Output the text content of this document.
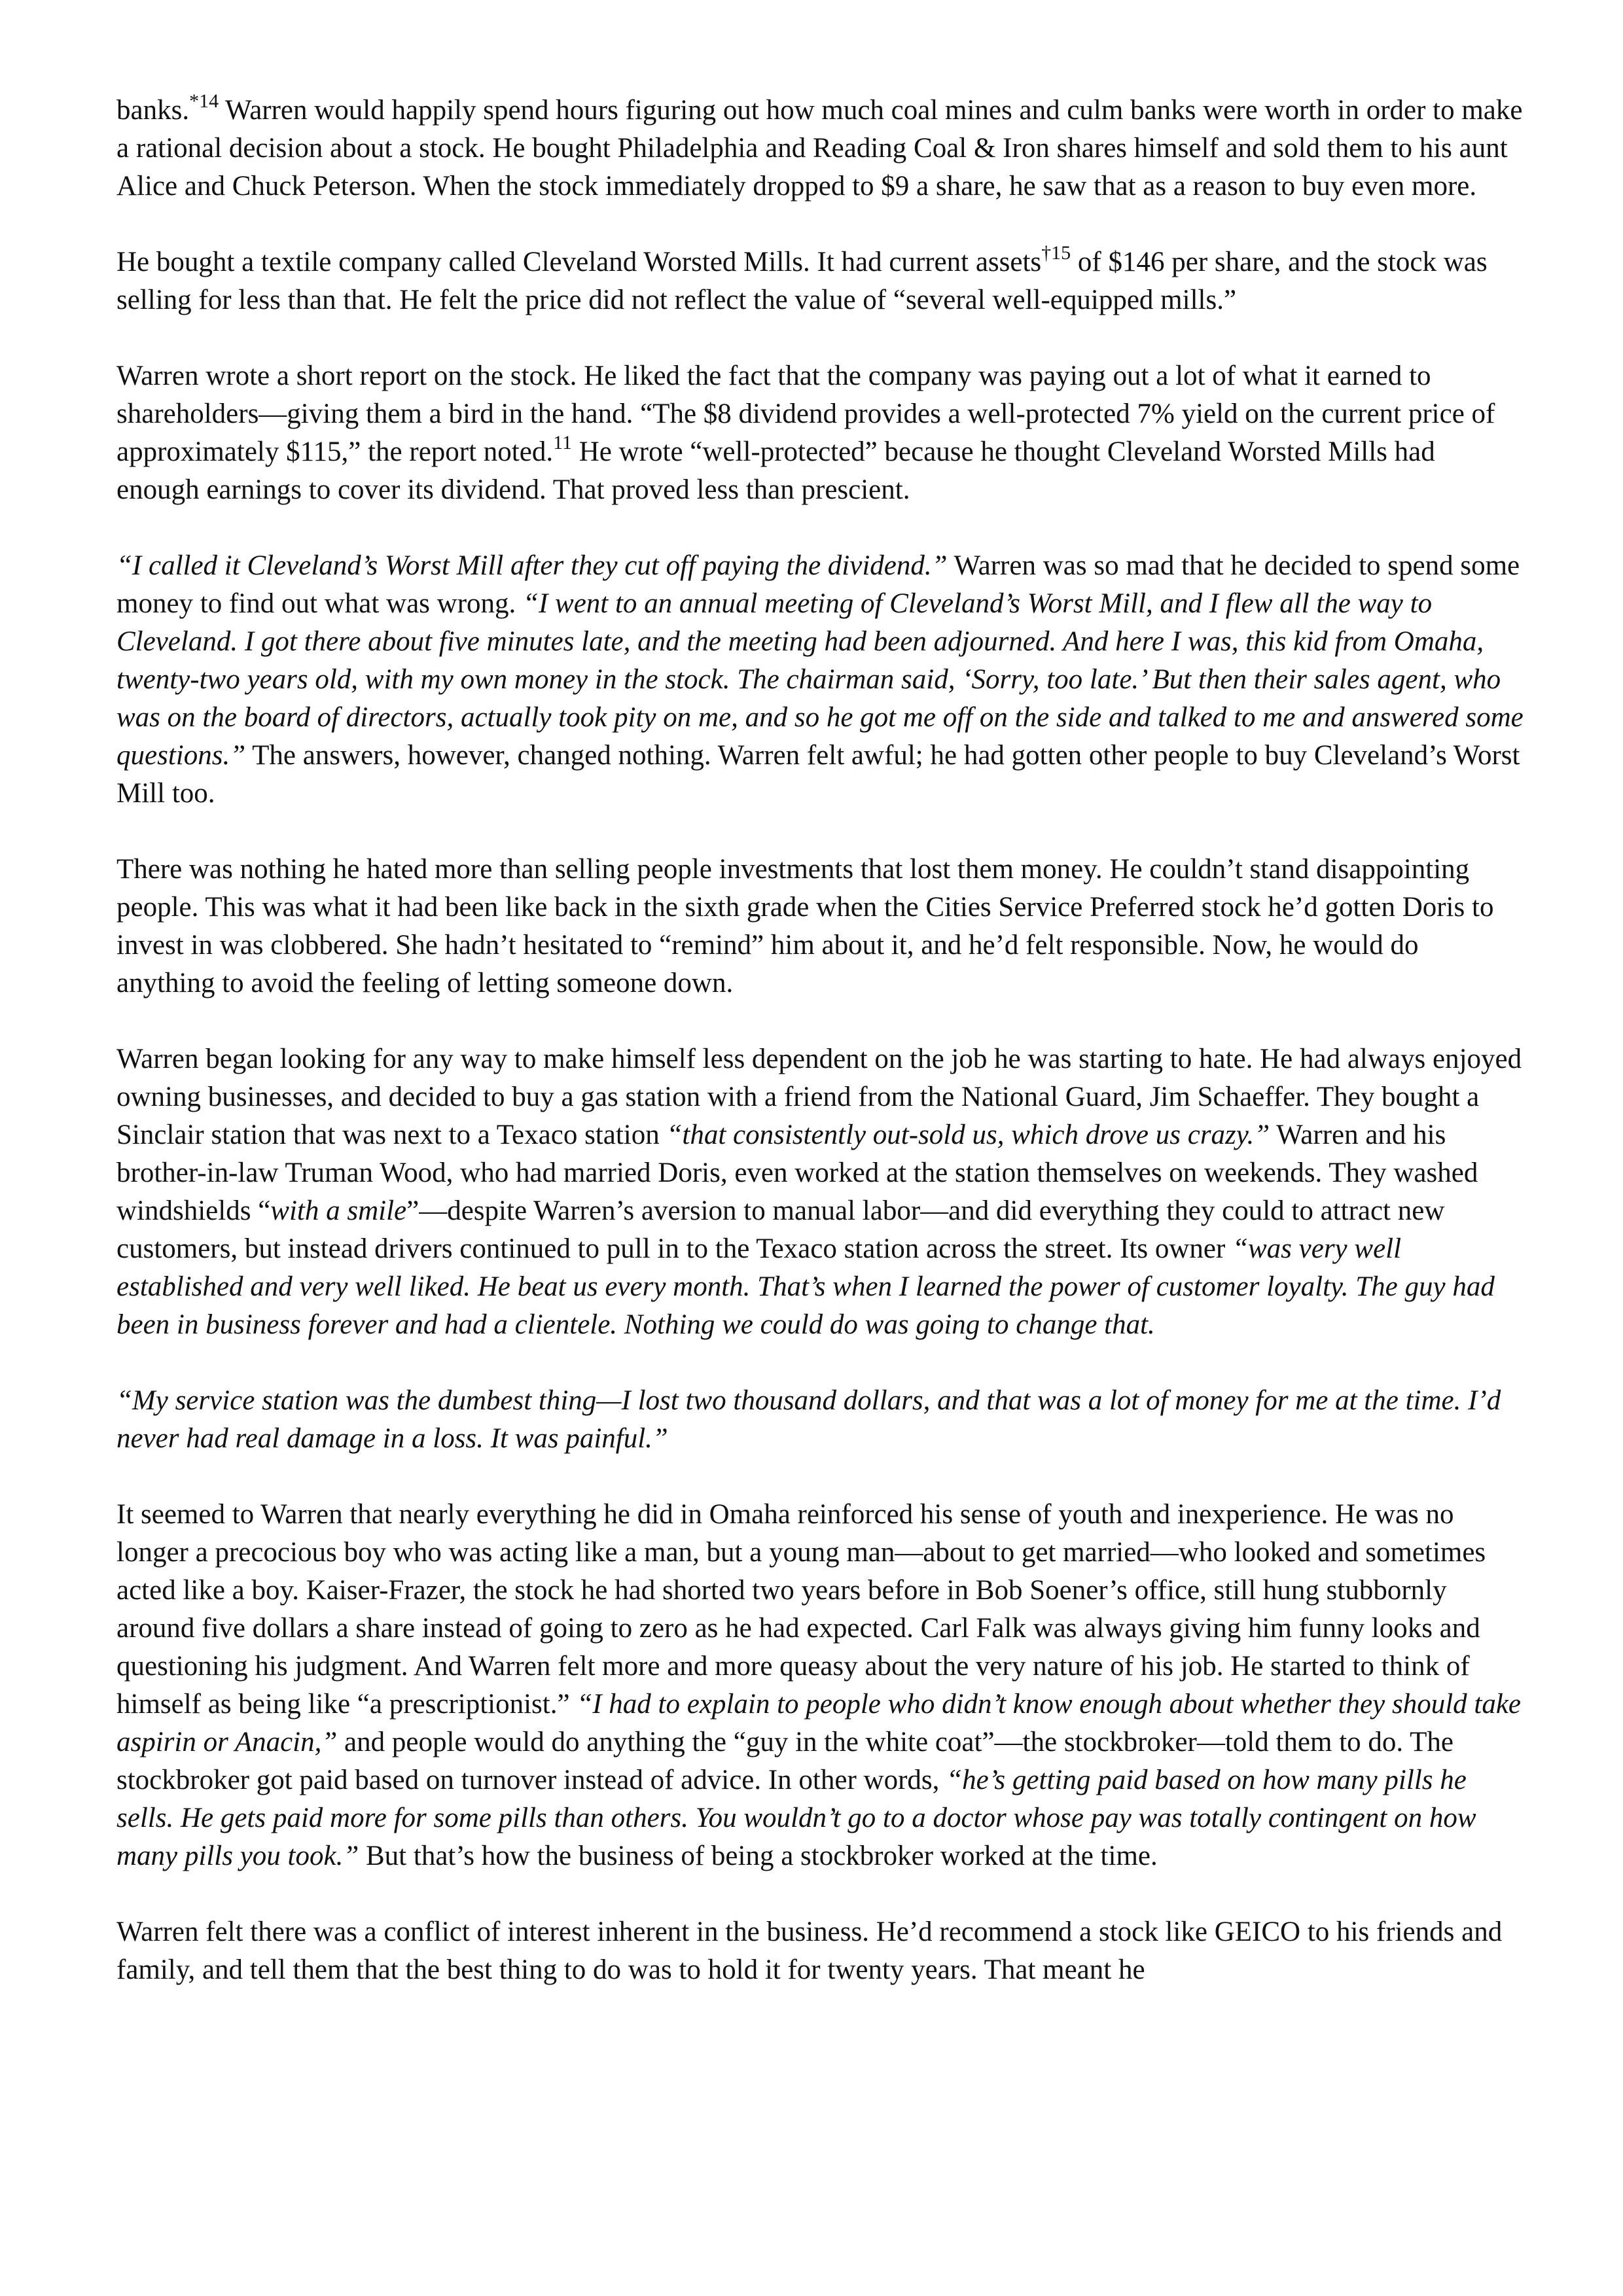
banks.$^{*14}$ Warren would happily spend hours figuring out how much coal mines and culm banks were worth in order to make a rational decision about a stock. He bought Philadelphia and Reading Coal & Iron shares himself and sold them to his aunt Alice and Chuck Peterson. When the stock immediately dropped to $9 a share, he saw that as a reason to buy even more.

He bought a textile company called Cleveland Worsted Mills. It had current assets$^{\dagger 15}$ of $146 per share, and the stock was selling for less than that. He felt the price did not reflect the value of “several well-equipped mills.”

Warren wrote a short report on the stock. He liked the fact that the company was paying out a lot of what it earned to shareholders—giving them a bird in the hand. “The $8 dividend provides a well-protected 7% yield on the current price of approximately $115,” the report noted.$^{11}$ He wrote “well-protected” because he thought Cleveland Worsted Mills had enough earnings to cover its dividend. That proved less than prescient.

“I called it Cleveland’s Worst Mill after they cut off paying the dividend.” Warren was so mad that he decided to spend some money to find out what was wrong. “I went to an annual meeting of Cleveland’s Worst Mill, and I flew all the way to Cleveland. I got there about five minutes late, and the meeting had been adjourned. And here I was, this kid from Omaha, twenty-two years old, with my own money in the stock. The chairman said, ‘Sorry, too late.’ But then their sales agent, who was on the board of directors, actually took pity on me, and so he got me off on the side and talked to me and answered some questions.” The answers, however, changed nothing. Warren felt awful; he had gotten other people to buy Cleveland’s Worst Mill too.

There was nothing he hated more than selling people investments that lost them money. He couldn’t stand disappointing people. This was what it had been like back in the sixth grade when the Cities Service Preferred stock he’d gotten Doris to invest in was clobbered. She hadn’t hesitated to “remind” him about it, and he’d felt responsible. Now, he would do anything to avoid the feeling of letting someone down.

Warren began looking for any way to make himself less dependent on the job he was starting to hate. He had always enjoyed owning businesses, and decided to buy a gas station with a friend from the National Guard, Jim Schaeffer. They bought a Sinclair station that was next to a Texaco station “that consistently out-sold us, which drove us crazy.” Warren and his brother-in-law Truman Wood, who had married Doris, even worked at the station themselves on weekends. They washed windshields “with a smile”—despite Warren’s aversion to manual labor—and did everything they could to attract new customers, but instead drivers continued to pull in to the Texaco station across the street. Its owner “was very well established and very well liked. He beat us every month. That’s when I learned the power of customer loyalty. The guy had been in business forever and had a clientele. Nothing we could do was going to change that.

“My service station was the dumbest thing—I lost two thousand dollars, and that was a lot of money for me at the time. I’d never had real damage in a loss. It was painful.”

It seemed to Warren that nearly everything he did in Omaha reinforced his sense of youth and inexperience. He was no longer a precocious boy who was acting like a man, but a young man—about to get married—who looked and sometimes acted like a boy. Kaiser-Frazer, the stock he had shorted two years before in Bob Soener’s office, still hung stubbornly around five dollars a share instead of going to zero as he had expected. Carl Falk was always giving him funny looks and questioning his judgment. And Warren felt more and more queasy about the very nature of his job. He started to think of himself as being like “a prescriptionist.” “I had to explain to people who didn’t know enough about whether they should take aspirin or Anacin,” and people would do anything the “guy in the white coat”—the stockbroker—told them to do. The stockbroker got paid based on turnover instead of advice. In other words, “he’s getting paid based on how many pills he sells. He gets paid more for some pills than others. You wouldn’t go to a doctor whose pay was totally contingent on how many pills you took.” But that’s how the business of being a stockbroker worked at the time.

Warren felt there was a conflict of interest inherent in the business. He’d recommend a stock like GEICO to his friends and family, and tell them that the best thing to do was to hold it for twenty years. That meant he
